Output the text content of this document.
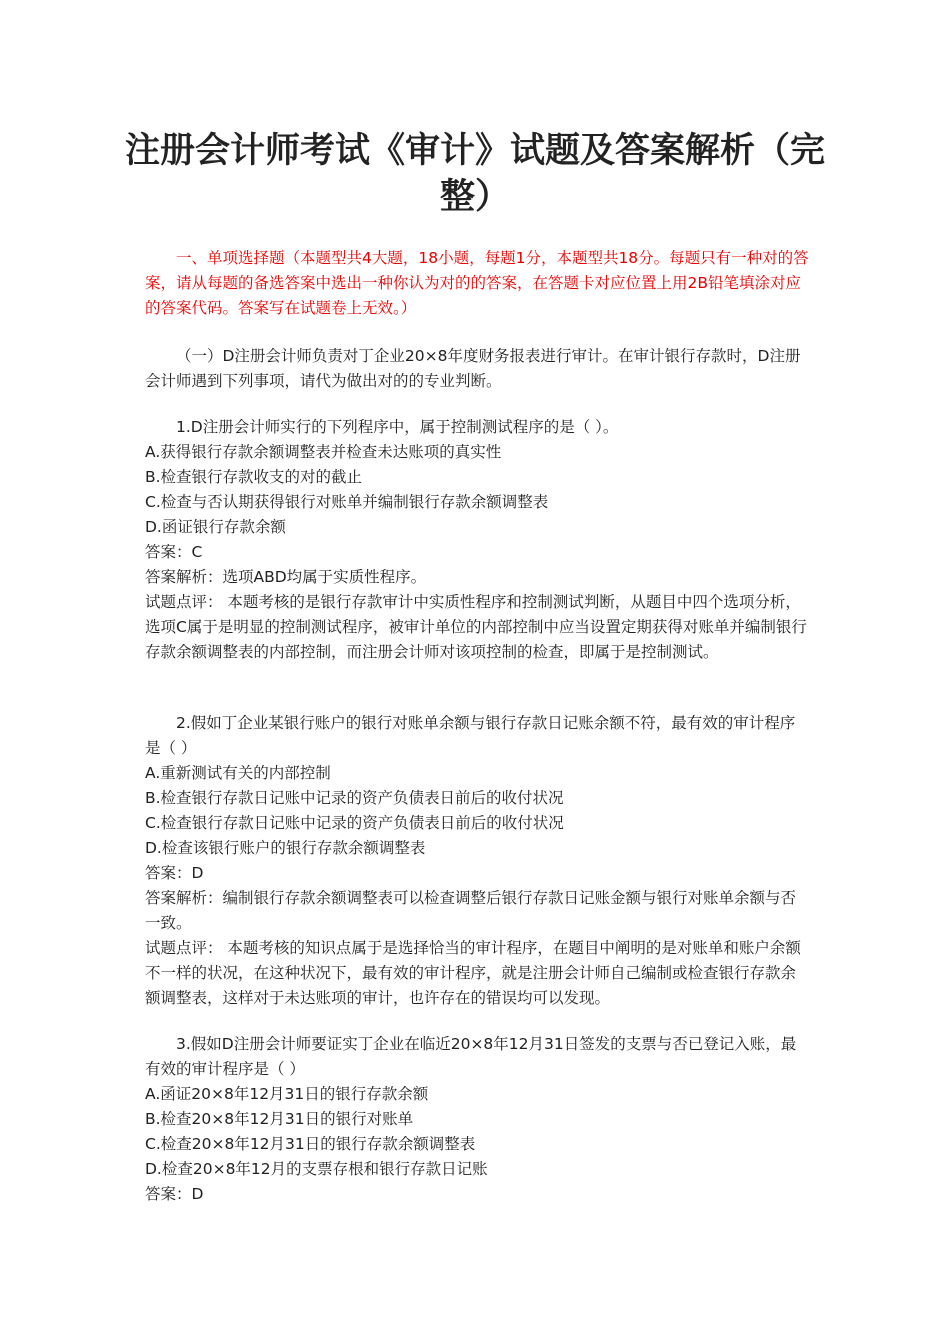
注册会计师考试《审计》试题及答案解析（完整）
一、单项选择题（本题型共4大题，18小题，每题1分，本题型共18分。每题只有一种对的答案，请从每题的备选答案中选出一种你认为对的的答案，在答题卡对应位置上用2B铅笔填涂对应的答案代码。答案写在试题卷上无效。）
（一）D注册会计师负责对丁企业20×8年度财务报表进行审计。在审计银行存款时，D注册会计师遇到下列事项，请代为做出对的的专业判断。

1.D注册会计师实行的下列程序中，属于控制测试程序的是（ ）。

A.获得银行存款余额调整表并检查未达账项的真实性

B.检查银行存款收支的对的截止

C.检查与否认期获得银行对账单并编制银行存款余额调整表

D.函证银行存款余额

答案：C

答案解析：选项ABD均属于实质性程序。

试题点评： 本题考核的是银行存款审计中实质性程序和控制测试判断，从题目中四个选项分析，选项C属于是明显的控制测试程序，被审计单位的内部控制中应当设置定期获得对账单并编制银行存款余额调整表的内部控制，而注册会计师对该项控制的检查，即属于是控制测试。

2.假如丁企业某银行账户的银行对账单余额与银行存款日记账余额不符，最有效的审计程序是（ ）

A.重新测试有关的内部控制

B.检查银行存款日记账中记录的资产负债表日前后的收付状况

C.检查银行存款日记账中记录的资产负债表日前后的收付状况

D.检查该银行账户的银行存款余额调整表

答案：D

答案解析：编制银行存款余额调整表可以检查调整后银行存款日记账金额与银行对账单余额与否一致。

试题点评： 本题考核的知识点属于是选择恰当的审计程序，在题目中阐明的是对账单和账户余额不一样的状况，在这种状况下，最有效的审计程序，就是注册会计师自己编制或检查银行存款余额调整表，这样对于未达账项的审计，也许存在的错误均可以发现。

3.假如D注册会计师要证实丁企业在临近20×8年12月31日签发的支票与否已登记入账，最有效的审计程序是（ ）

A.函证20×8年12月31日的银行存款余额

B.检查20×8年12月31日的银行对账单

C.检查20×8年12月31日的银行存款余额调整表

D.检查20×8年12月的支票存根和银行存款日记账

答案：D
